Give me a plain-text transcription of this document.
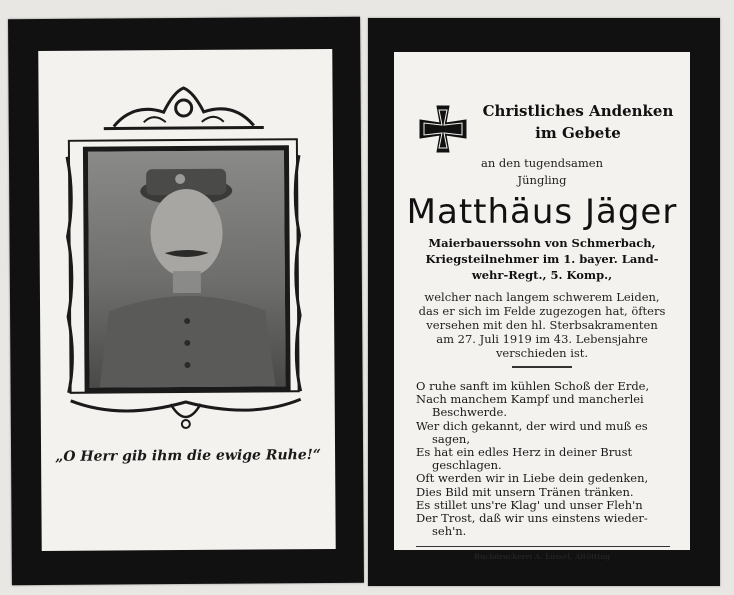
„O Herr gib ihm die ewige Ruhe!“
Christliches Andenken
im Gebete
an den tugendsamen
Jüngling
Matthäus Jäger
Maierbauerssohn von Schmerbach,
Kriegsteilnehmer im 1. bayer. Land-
wehr-Regt., 5. Komp.,
welcher nach langem schwerem Leiden,
das er sich im Felde zugezogen hat, öfters
versehen mit den hl. Sterbsakramenten
am 27. Juli 1919 im 43. Lebensjahre
verschieden ist.
O ruhe sanft im kühlen Schoß der Erde,
Nach manchem Kampf und mancherlei
Beschwerde.
Wer dich gekannt, der wird und muß es
sagen,
Es hat ein edles Herz in deiner Brust
geschlagen.
Oft werden wir in Liebe dein gedenken,
Dies Bild mit unsern Tränen tränken.
Es stillet uns're Klag' und unser Fleh'n
Der Trost, daß wir uns einstens wieder-
seh'n.
Buchdruckerei A. Lüssel, Altötting
